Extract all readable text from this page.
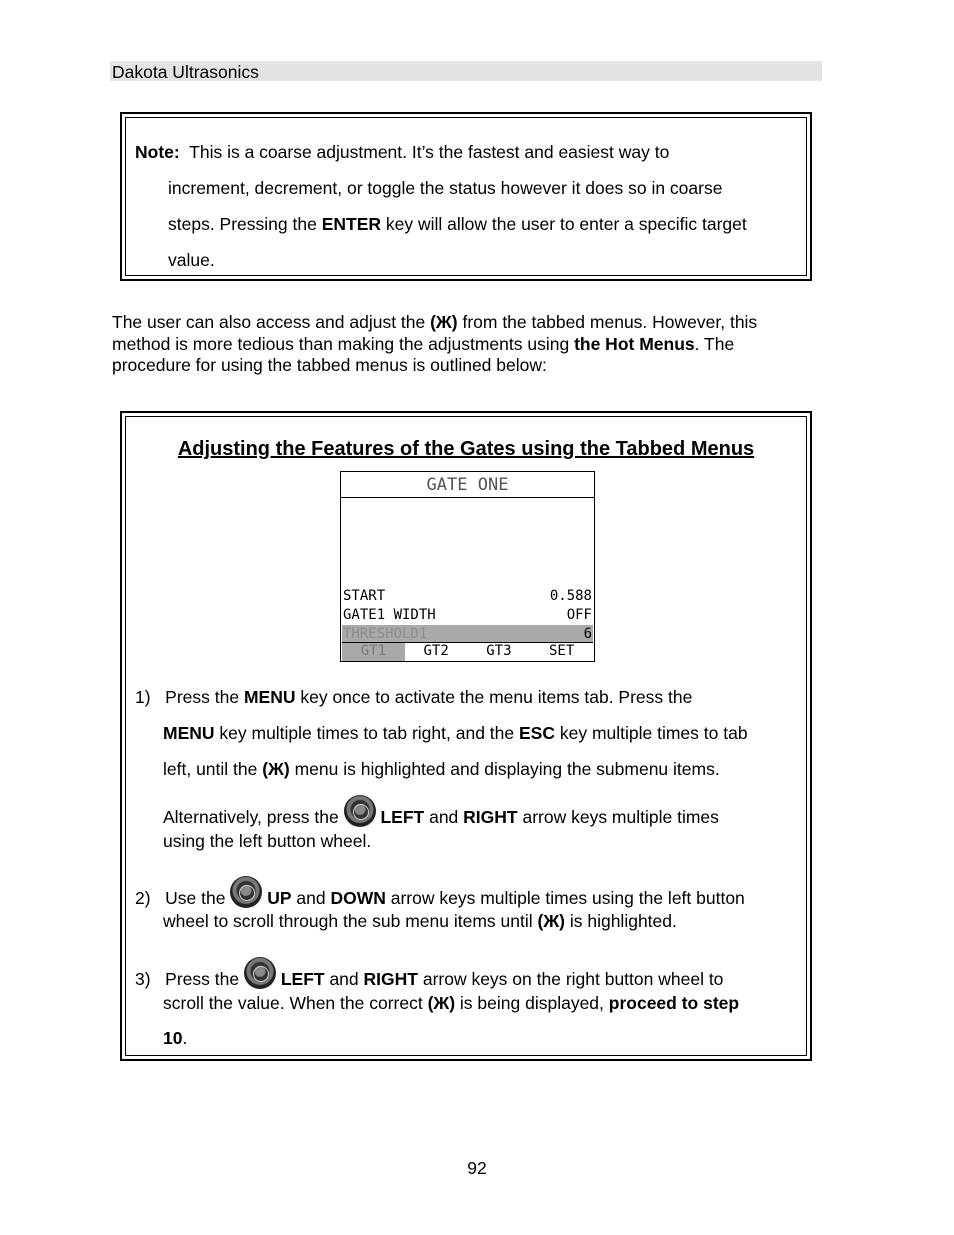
Dakota Ultrasonics
Note: This is a coarse adjustment. It’s the fastest and easiest way to
increment, decrement, or toggle the status however it does so in coarse
steps. Pressing the ENTER key will allow the user to enter a specific target
value.
The user can also access and adjust the (Ж) from the tabbed menus. However, this
method is more tedious than making the adjustments using the Hot Menus. The
procedure for using the tabbed menus is outlined below:
Adjusting the Features of the Gates using the Tabbed Menus
GATE ONE
START	0.588
GATE1 WIDTH	OFF
THRESHOLD1	6
GT1	GT2	GT3	SET
1) Press the MENU key once to activate the menu items tab. Press the
MENU key multiple times to tab right, and the ESC key multiple times to tab
left, until the (Ж) menu is highlighted and displaying the submenu items.
Alternatively, press the  LEFT and RIGHT arrow keys multiple times
using the left button wheel.
2) Use the  UP and DOWN arrow keys multiple times using the left button
wheel to scroll through the sub menu items until (Ж) is highlighted.
3) Press the  LEFT and RIGHT arrow keys on the right button wheel to
scroll the value. When the correct (Ж) is being displayed, proceed to step
10.
92
